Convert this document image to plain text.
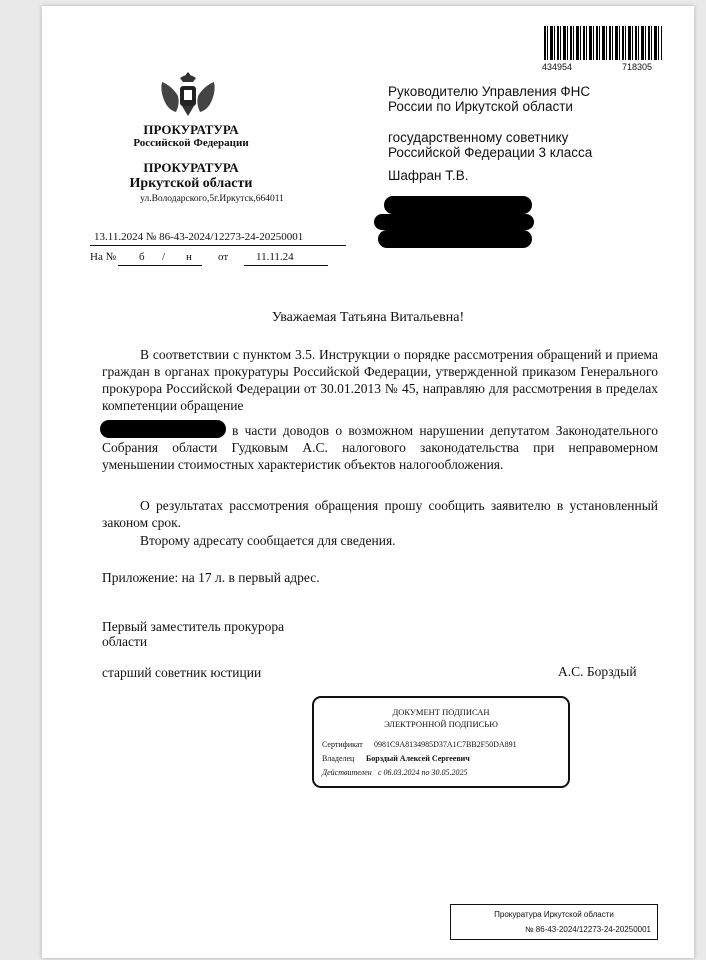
434954	718305
ПРОКУРАТУРА
Российской Федерации
ПРОКУРАТУРА
Иркутской области
ул.Володарского,5г.Иркутск,664011
13.11.2024 № 86-43-2024/12273-24-20250001
На № б / н от	11.11.24
Руководителю Управления ФНС
России по Иркутской области
государственному советнику
Российской Федерации 3 класса
Шафран Т.В.
Уважаемая Татьяна Витальевна!
В соответствии с пунктом 3.5. Инструкции о порядке рассмотрения обращений и приема граждан в органах прокуратуры Российской Федерации, утвержденной приказом Генерального прокурора Российской Федерации от 30.01.2013 № 45, направляю для рассмотрения в пределах компетенции обращение
в части доводов о возможном нарушении депутатом Законодательного Собрания области Гудковым А.С. налогового законодательства при неправомерном уменьшении стоимостных характеристик объектов налогообложения.
О результатах рассмотрения обращения прошу сообщить заявителю в установленный законом срок.
Второму адресату сообщается для сведения.
Приложение: на 17 л. в первый адрес.
Первый заместитель прокурора
области
старший советник юстиции	А.С. Борздый
ДОКУМЕНТ ПОДПИСАН
ЭЛЕКТРОННОЙ ПОДПИСЬЮ
Сертификат 0981C9A8134985D37A1C7BB2F50DA891
Владелец Борздый Алексей Сергеевич
Действителен с 06.03.2024 по 30.05.2025
Прокуратура Иркутской области
№ 86-43-2024/12273-24-20250001
